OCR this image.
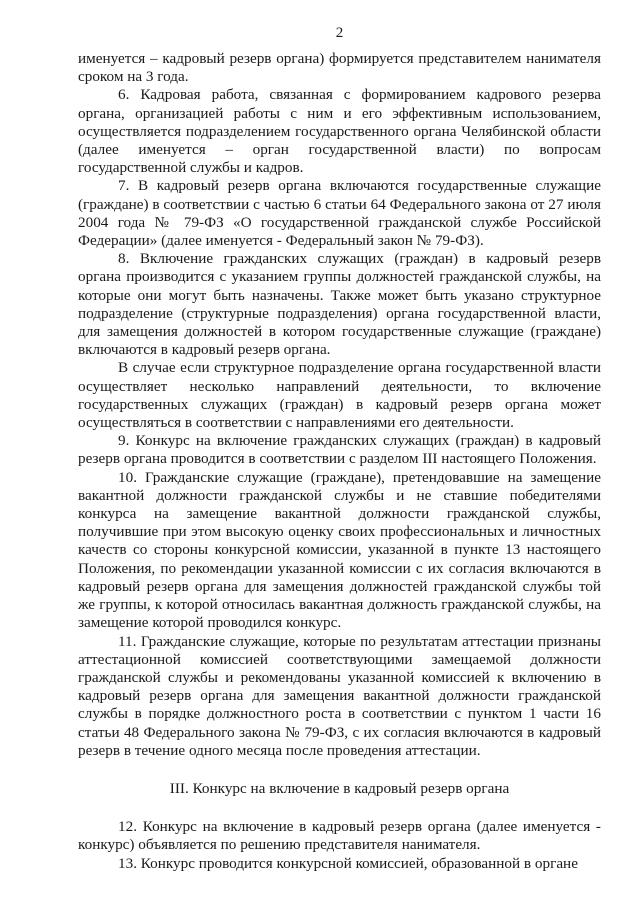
2

именуется – кадровый резерв органа) формируется представителем нанимателя сроком на 3 года.

6. Кадровая работа, связанная с формированием кадрового резерва органа, организацией работы с ним и его эффективным использованием, осуществляется подразделением государственного органа Челябинской области (далее именуется – орган государственной власти) по вопросам государственной службы и кадров.

7. В кадровый резерв органа включаются государственные служащие (граждане) в соответствии с частью 6 статьи 64 Федерального закона от 27 июля 2004 года № 79-ФЗ «О государственной гражданской службе Российской Федерации» (далее именуется - Федеральный закон № 79-ФЗ).

8. Включение гражданских служащих (граждан) в кадровый резерв органа производится с указанием группы должностей гражданской службы, на которые они могут быть назначены. Также может быть указано структурное подразделение (структурные подразделения) органа государственной власти, для замещения должностей в котором государственные служащие (граждане) включаются в кадровый резерв органа.

В случае если структурное подразделение органа государственной власти осуществляет несколько направлений деятельности, то включение государственных служащих (граждан) в кадровый резерв органа может осуществляться в соответствии с направлениями его деятельности.

9. Конкурс на включение гражданских служащих (граждан) в кадровый резерв органа проводится в соответствии с разделом III настоящего Положения.

10. Гражданские служащие (граждане), претендовавшие на замещение вакантной должности гражданской службы и не ставшие победителями конкурса на замещение вакантной должности гражданской службы, получившие при этом высокую оценку своих профессиональных и личностных качеств со стороны конкурсной комиссии, указанной в пункте 13 настоящего Положения, по рекомендации указанной комиссии с их согласия включаются в кадровый резерв органа для замещения должностей гражданской службы той же группы, к которой относилась вакантная должность гражданской службы, на замещение которой проводился конкурс.

11. Гражданские служащие, которые по результатам аттестации признаны аттестационной комиссией соответствующими замещаемой должности гражданской службы и рекомендованы указанной комиссией к включению в кадровый резерв органа для замещения вакантной должности гражданской службы в порядке должностного роста в соответствии с пунктом 1 части 16 статьи 48 Федерального закона № 79-ФЗ, с их согласия включаются в кадровый резерв в течение одного месяца после проведения аттестации.

III. Конкурс на включение в кадровый резерв органа

12. Конкурс на включение в кадровый резерв органа (далее именуется - конкурс) объявляется по решению представителя нанимателя.

13. Конкурс проводится конкурсной комиссией, образованной в органе
